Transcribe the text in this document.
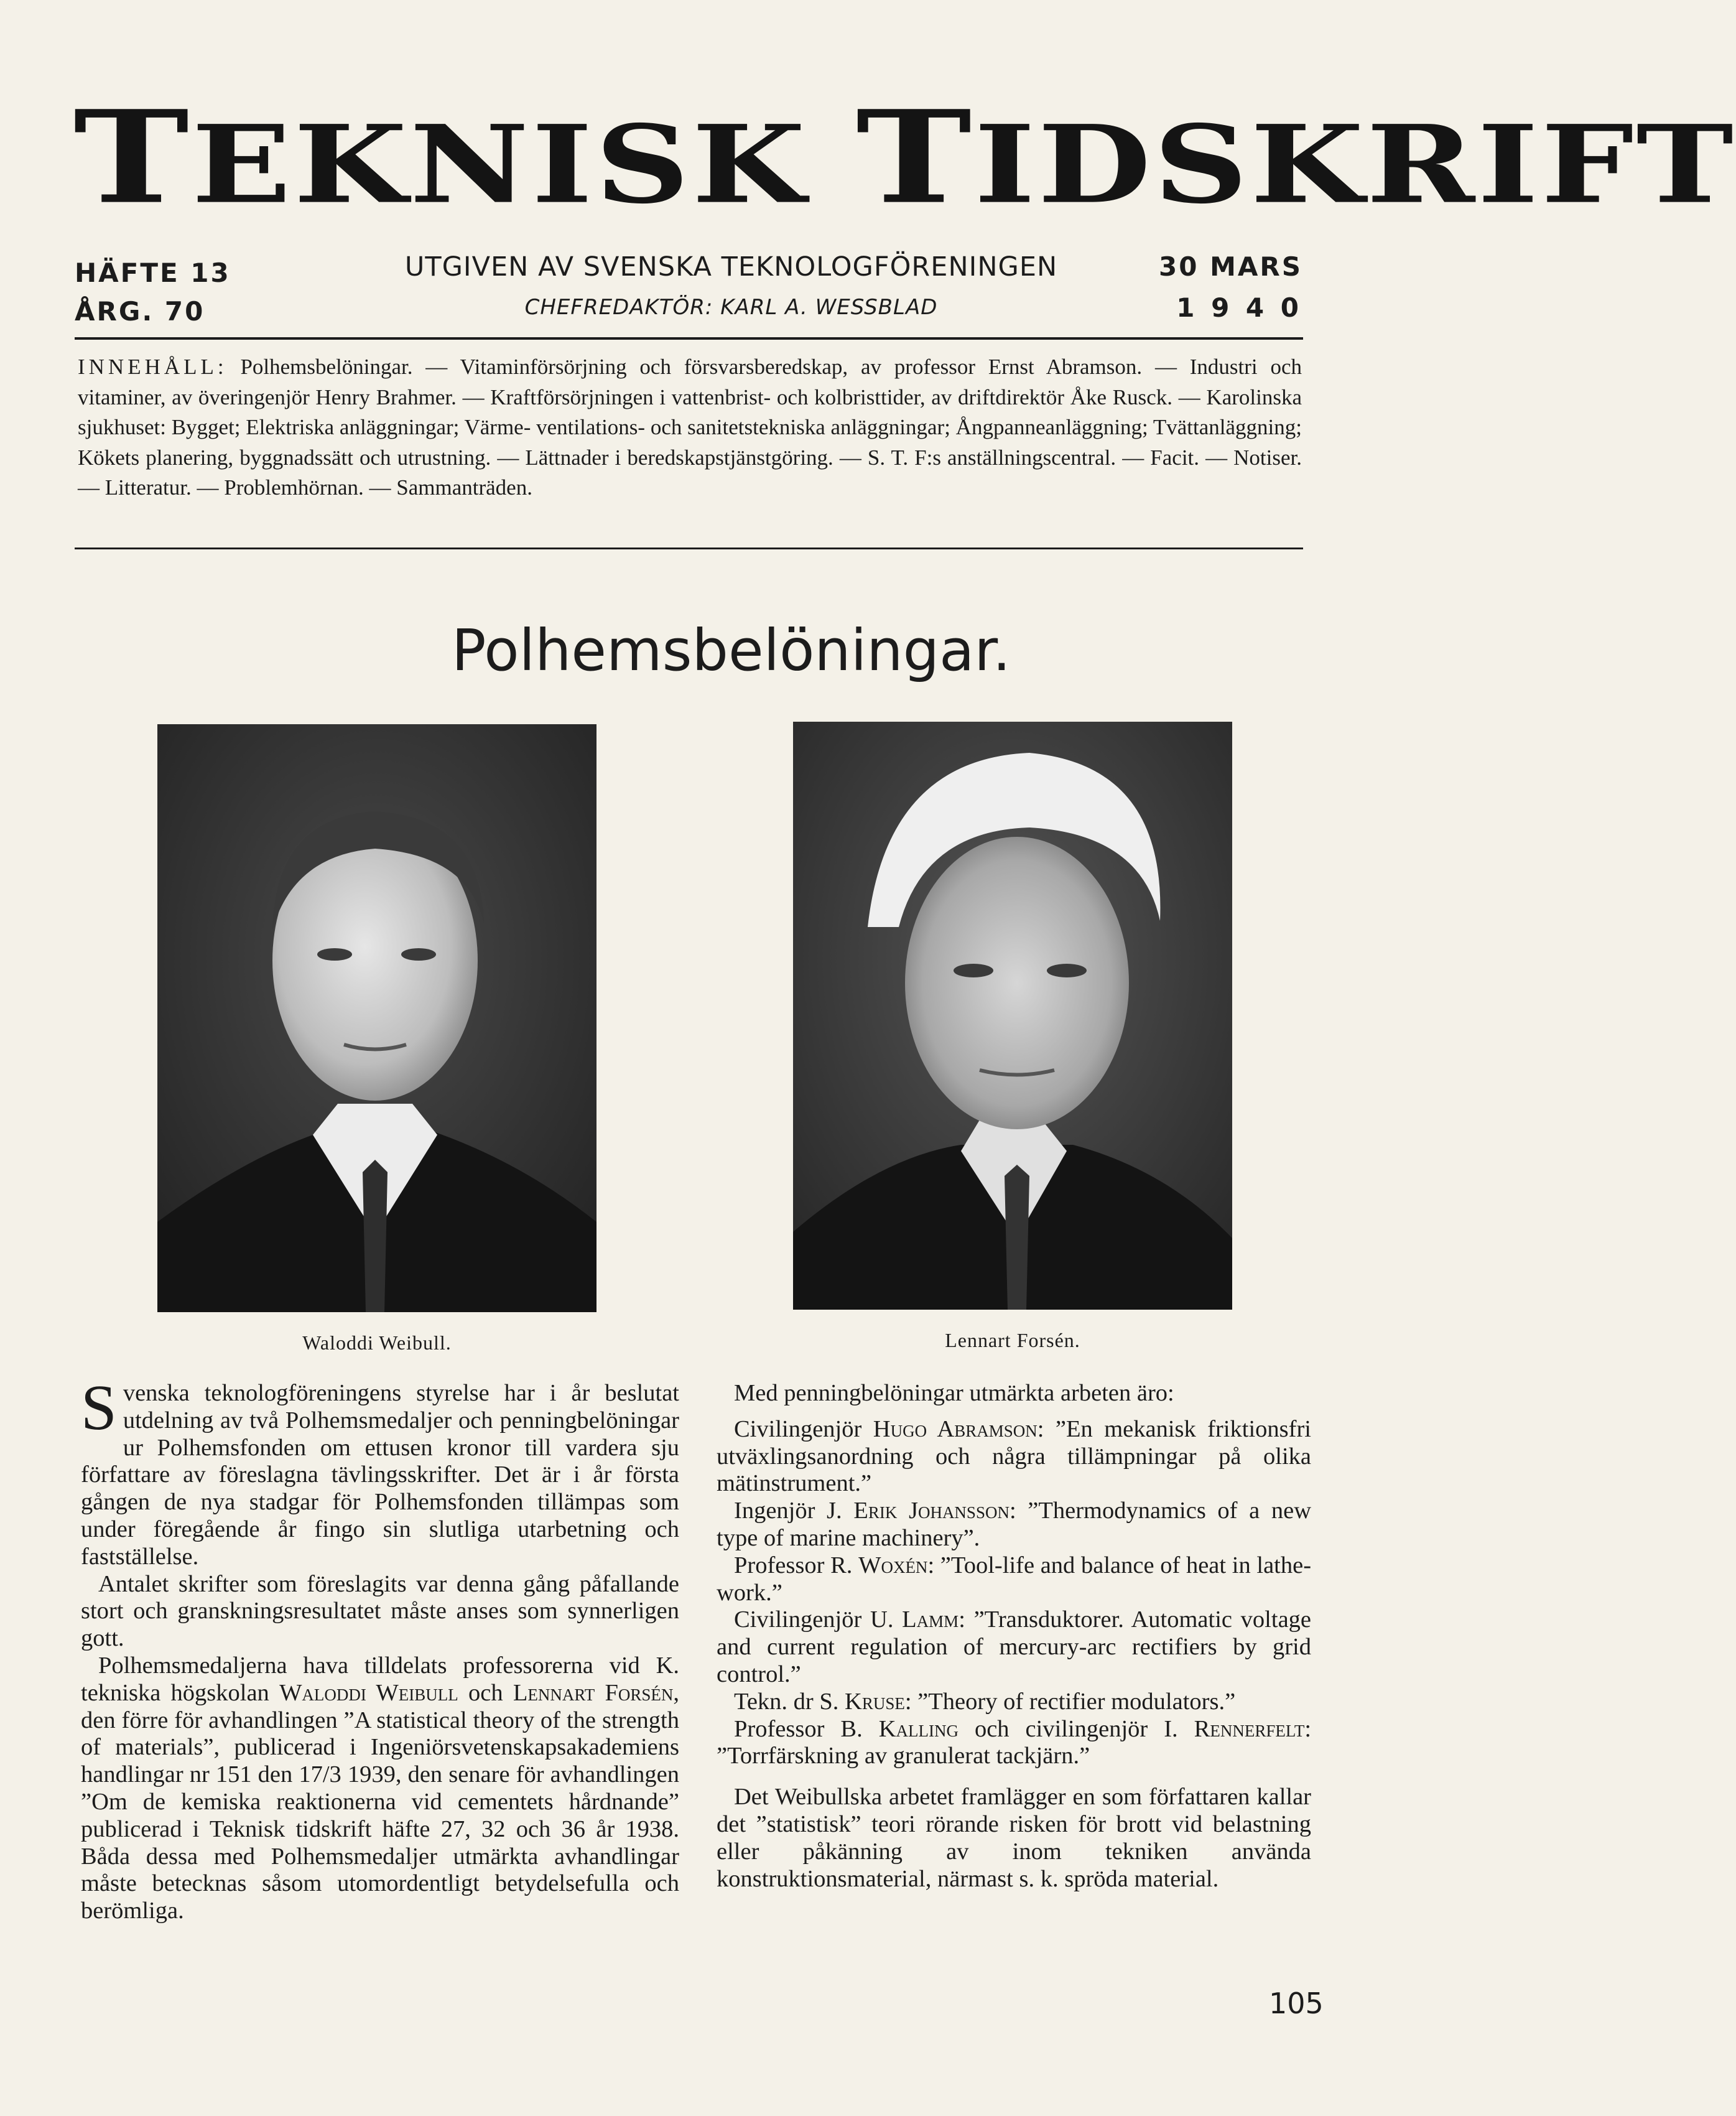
TEKNISK TIDSKRIFT
HÄFTE 13
ÅRG. 70
UTGIVEN AV SVENSKA TEKNOLOGFÖRENINGEN
CHEFREDAKTÖR: KARL A. WESSBLAD
30 MARS
1 9 4 0
INNEHÅLL: Polhemsbelöningar. — Vitaminförsörjning och försvarsberedskap, av professor Ernst Abramson. — Industri och vitaminer, av överingenjör Henry Brahmer. — Kraftförsörjningen i vattenbrist- och kolbristtider, av driftdirektör Åke Rusck. — Karolinska sjukhuset: Bygget; Elektriska anläggningar; Värme- ventilations- och sanitetstekniska anläggningar; Ångpanneanläggning; Tvättanläggning; Kökets planering, byggnadssätt och utrustning. — Lättnader i beredskapstjänstgöring. — S. T. F:s anställningscentral. — Facit. — Notiser. — Litteratur. — Problemhörnan. — Sammanträden.
Polhemsbelöningar.
Waloddi Weibull.	Lennart Forsén.

Svenska teknologföreningens styrelse har i år beslutat utdelning av två Polhemsmedaljer och penningbelöningar ur Polhemsfonden om ettusen kronor till vardera sju författare av föreslagna tävlingsskrifter. Det är i år första gången de nya stadgar för Polhemsfonden tillämpas som under föregående år fingo sin slutliga utarbetning och fastställelse.

Antalet skrifter som föreslagits var denna gång påfallande stort och granskningsresultatet måste anses som synnerligen gott.

Polhemsmedaljerna hava tilldelats professorerna vid K. tekniska högskolan Waloddi Weibull och Lennart Forsén, den förre för avhandlingen ”A statistical theory of the strength of materials”, publicerad i Ingeniörsvetenskapsakademiens handlingar nr 151 den 17/3 1939, den senare för avhandlingen ”Om de kemiska reaktionerna vid cementets hårdnande” publicerad i Teknisk tidskrift häfte 27, 32 och 36 år 1938. Båda dessa med Polhemsmedaljer utmärkta avhandlingar måste betecknas såsom utomordentligt betydelsefulla och berömliga.

Med penningbelöningar utmärkta arbeten äro:

Civilingenjör Hugo Abramson: ”En mekanisk friktionsfri utväxlingsanordning och några tillämpningar på olika mätinstrument.”

Ingenjör J. Erik Johansson: ”Thermodynamics of a new type of marine machinery”.

Professor R. Woxén: ”Tool-life and balance of heat in lathe-work.”

Civilingenjör U. Lamm: ”Transduktorer. Automatic voltage and current regulation of mercury-arc rectifiers by grid control.”

Tekn. dr S. Kruse: ”Theory of rectifier modulators.”

Professor B. Kalling och civilingenjör I. Rennerfelt: ”Torrfärskning av granulerat tackjärn.”

Det Weibullska arbetet framlägger en som författaren kallar det ”statistisk” teori rörande risken för brott vid belastning eller påkänning av inom tekniken använda konstruktionsmaterial, närmast s. k. spröda material.

105
